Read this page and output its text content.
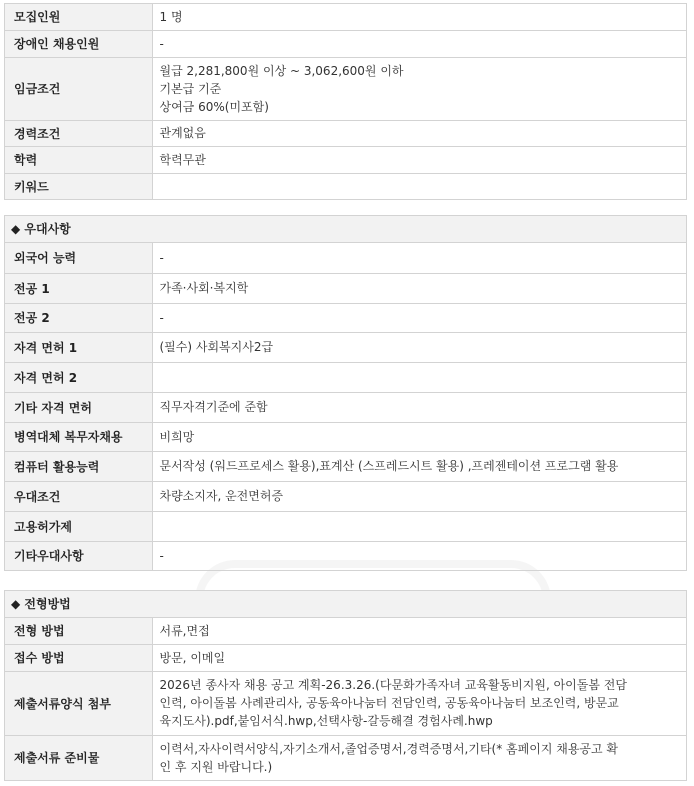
모집인원	1 명

장애인 채용인원	-

임금조건	월급 2,281,800원 이상 ~ 3,062,600원 이하
기본급 기준
상여금 60%(미포함)

경력조건	관계없음

학력	학력무관

키워드	
◆ 우대사항
외국어 능력	-

전공 1	가족·사회·복지학

전공 2	-

자격 면허 1	(필수) 사회복지사2급

자격 면허 2	

기타 자격 면허	직무자격기준에 준함

병역대체 복무자채용	비희망

컴퓨터 활용능력	문서작성 (워드프로세스 활용),표계산 (스프레드시트 활용) ,프레젠테이션 프로그램 활용

우대조건	차량소지자, 운전면허증

고용허가제	

기타우대사항	-
◆ 전형방법
전형 방법	서류,면접

접수 방법	방문, 이메일

제출서류양식 첨부	2026년 종사자 채용 공고 계획-26.3.26.(다문화가족자녀 교육활동비지원, 아이돌봄 전담
인력, 아이돌봄 사례관리사, 공동육아나눔터 전담인력, 공동육아나눔터 보조인력, 방문교
육지도사).pdf,붙임서식.hwp,선택사항-갈등해결 경험사례.hwp

제출서류 준비물	이력서,자사이력서양식,자기소개서,졸업증명서,경력증명서,기타(* 홈페이지 채용공고 확
인 후 지원 바랍니다.)
